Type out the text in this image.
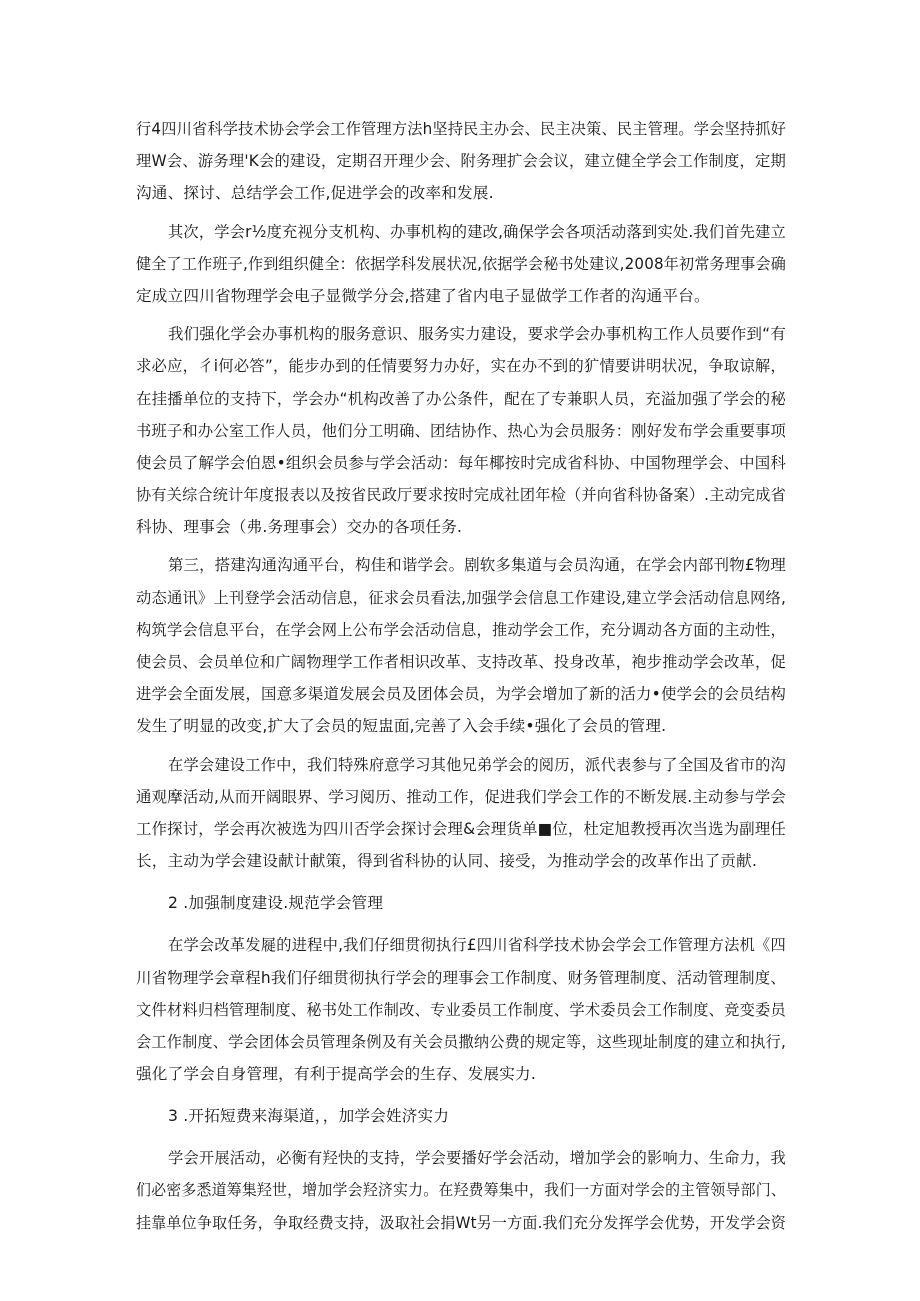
行4四川省科学技术协会学会工作管理方法h坚持民主办会、民主决策、民主管理。学会坚持抓好
理W会、游务理'K会的建设，定期召开理少会、附务理扩会会议，建立健全学会工作制度，定期
沟通、探讨、总结学会工作,促进学会的改率和发展.
其次，学会r½度充视分支机构、办事机构的建改,确保学会各项活动落到实处.我们首先建立
健全了工作班子,作到组织健全：依据学科发展状况,依据学会秘书处建议,2008年初常务理事会确
定成立四川省物理学会电子显微学分会,搭建了省内电子显做学工作者的沟通平台。
我们强化学会办事机构的服务意识、服务实力建设，要求学会办事机构工作人员要作到“有
求必应，彳i何必答”，能步办到的任情要努力办好，实在办不到的犷情要讲明状况，争取谅解，
在挂播单位的支持下，学会办“机构改善了办公条件，配在了专兼职人员，充溢加强了学会的秘
书班子和办公室工作人员，他们分工明确、团结协作、热心为会员服务：刚好发布学会重要事项
使会员了解学会伯恩•组织会员参与学会活动：每年椰按时完成省科协、中国物理学会、中国科
协有关综合统计年度报表以及按省民政厅要求按时完成社团年检（并向省科协备案）.主动完成省
科协、理事会（弗.务理事会）交办的各项任务.
第三，搭建沟通沟通平台，构佳和谐学会。剧软多集道与会员沟通，在学会内部刊物£物理
动态通讯》上刊登学会活动信息，征求会员看法,加强学会信息工作建设,建立学会活动信息网络,
构筑学会信息平台，在学会网上公布学会活动信息，推动学会工作，充分调动各方面的主动性，
使会员、会员单位和广阔物理学工作者相识改革、支持改革、投身改革，袍步推动学会改革，促
进学会全面发展，国意多渠道发展会员及团体会员，为学会增加了新的活力•使学会的会员结构
发生了明显的改变,扩大了会员的短盅面,完善了入会手续•强化了会员的管理.
在学会建设工作中，我们特殊府意学习其他兄弟学会的阅历，派代表参与了全国及省市的沟
通观摩活动,从而开阔眼界、学习阅历、推动工作，促进我们学会工作的不断发展.主动参与学会
工作探讨，学会再次被选为四川否学会探讨会理&会理货单■位，杜定旭教授再次当选为副理任
长，主动为学会建设献计献策，得到省科协的认同、接受，为推动学会的改革作出了贡献.
2 .加强制度建设.规范学会管理
在学会改革发屣的进程中,我们仔细贯彻执行£四川省科学技术协会学会工作管理方法机《四
川省物理学会章程h我们仔细贯彻执行学会的理事会工作制度、财务管理制度、活动管理制度、
文件材料归档管理制度、秘书处工作制改、专业委员工作制度、学术委员会工作制度、竞变委员
会工作制度、学会团体会员管理条例及有关会员撒纳公费的规定等，这些现址制度的建立和执行,
强化了学会自身管理，有利于提高学会的生存、发展实力.
3 .开拓短费来海渠道，，加学会姓济实力
学会开展活动，必衡有羟快的支持，学会要播好学会活动，增加学会的影响力、生命力，我
们必密多悉道筹集羟世，增加学会羟济实力。在羟费筹集中，我们一方面对学会的主管领导部门、
挂靠单位争取任务，争取经费支持，汲取社会捐Wt另一方面.我们充分发挥学会优势，开发学会资
